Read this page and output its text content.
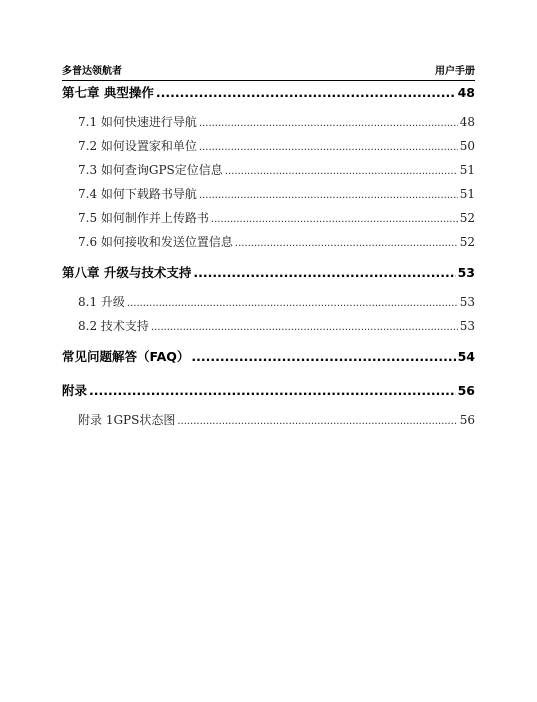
多普达领航者	用户手册
第七章 典型操作 .....	48
7.1 如何快速进行导航 .....	48
7.2 如何设置家和单位 .....	50
7.3 如何查询GPS定位信息 .....	51
7.4 如何下载路书导航 .....	51
7.5 如何制作并上传路书 .....	52
7.6 如何接收和发送位置信息 .....	52
第八章 升级与技术支持 .....	53
8.1 升级 .....	53
8.2 技术支持 .....	53
常见问题解答（FAQ） .....	54
附录 .....	56
附录 1GPS状态图 .....	56
